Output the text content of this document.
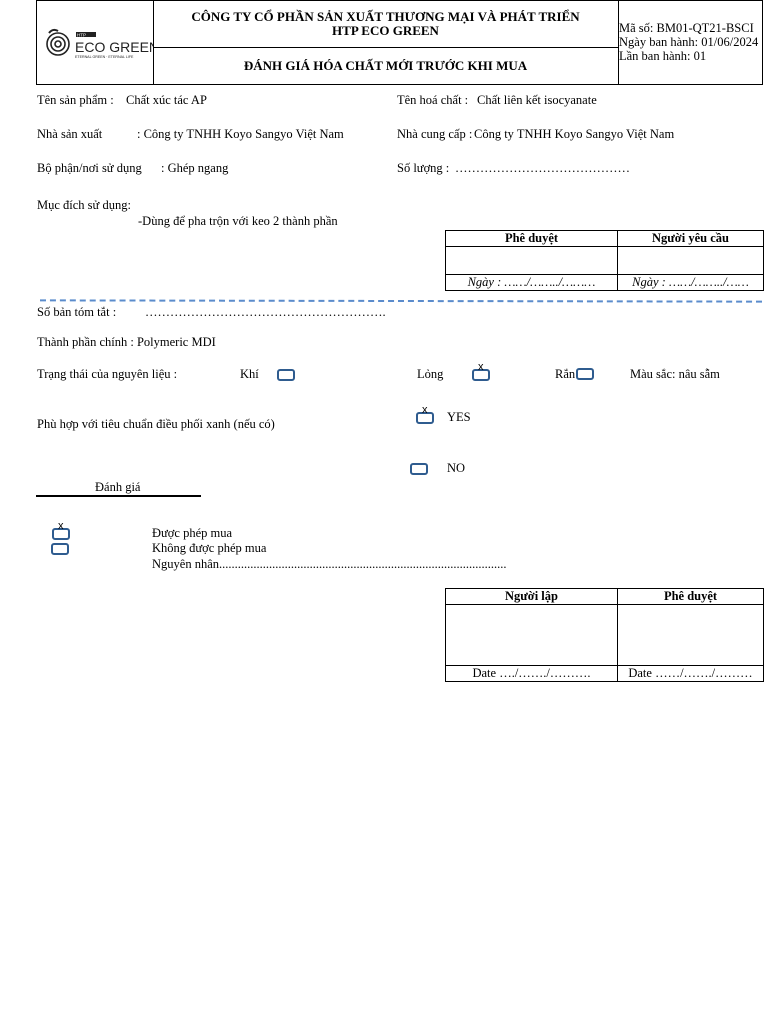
HTP
ECO GREEN
ETERNAL GREEN · ETERNAL LIFE
CÔNG TY CỔ PHẦN SẢN XUẤT THƯƠNG MẠI VÀ PHÁT TRIỂN
HTP ECO GREEN
ĐÁNH GIÁ HÓA CHẤT MỚI TRƯỚC KHI MUA
Mã số: BM01-QT21-BSCI
Ngày ban hành: 01/06/2024
Lần ban hành: 01
Tên sản phẩm : Chất xúc tác AP	Tên hoá chất : Chất liên kết isocyanate
Nhà sản xuất	: Công ty TNHH Koyo Sangyo Việt Nam	Nhà cung cấp : Công ty TNHH Koyo Sangyo Việt Nam
Bộ phận/nơi sử dụng : Ghép ngang	Số lượng : ……………………………………
Mục đích sử dụng:
-Dùng để pha trộn với keo 2 thành phần
Phê duyệt	Người yêu cầu

Ngày : ……/……../………	Ngày : ……/……../……
Số bản tóm tắt : ………………………………………………….
Thành phần chính : Polymeric MDI
Trạng thái của nguyên liệu :	Khí	Lỏng	x	Rắn	Màu sắc: nâu sẫm
Phù hợp với tiêu chuẩn điều phối xanh (nếu có)
x YES
NO
Đánh giá
x	Được phép mua
Không được phép mua
Nguyên nhân............................................................................................
Người lập	Phê duyệt

Date …./……./……….	Date ……/……./………
